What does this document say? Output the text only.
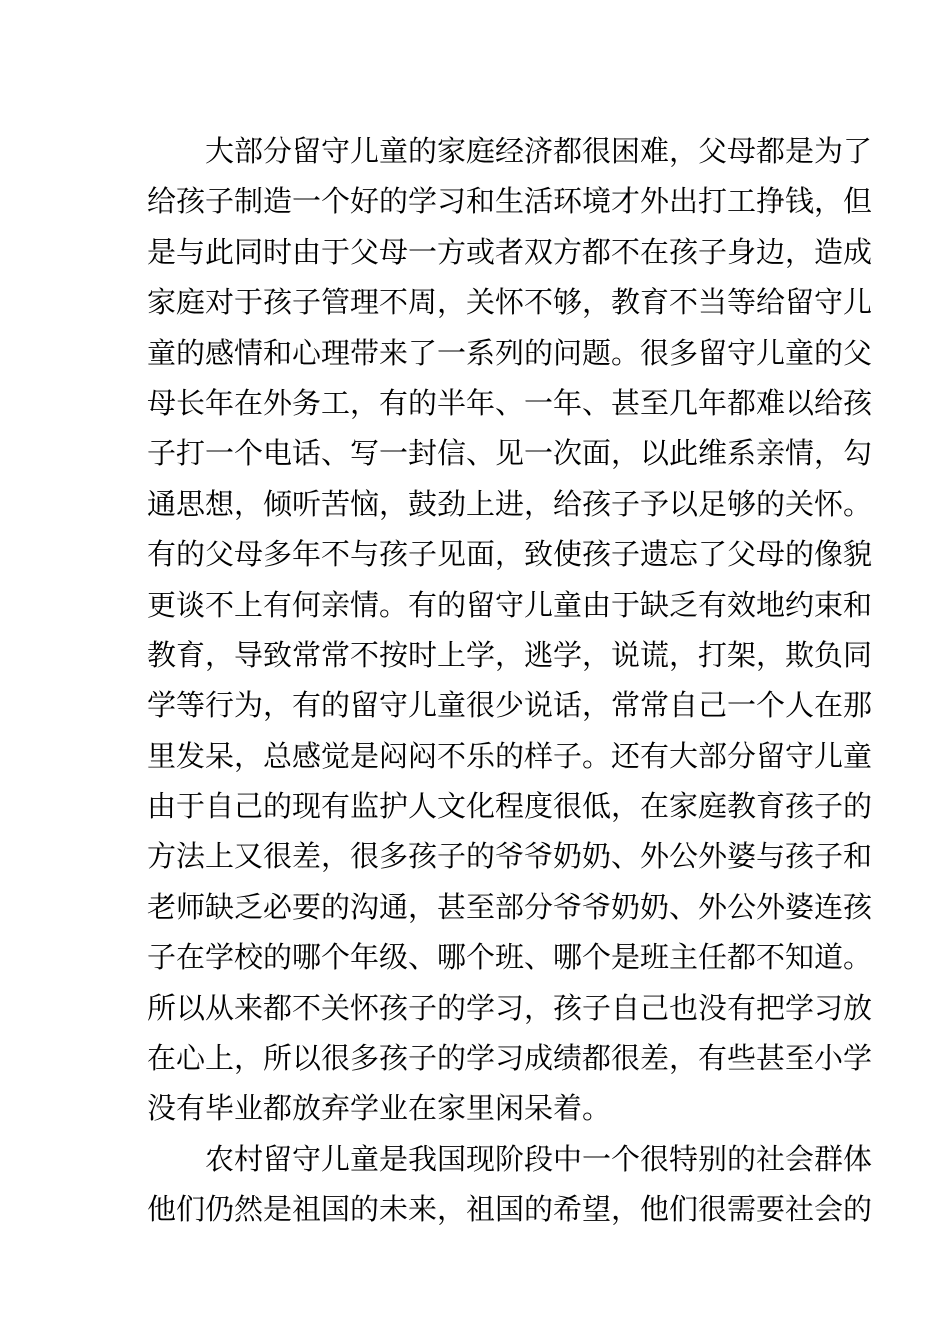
大部分留守儿童的家庭经济都很困难，父母都是为了
给孩子制造一个好的学习和生活环境才外出打工挣钱，但
是与此同时由于父母一方或者双方都不在孩子身边，造成
家庭对于孩子管理不周，关怀不够，教育不当等给留守儿
童的感情和心理带来了一系列的问题。很多留守儿童的父
母长年在外务工，有的半年、一年、甚至几年都难以给孩
子打一个电话、写一封信、见一次面，以此维系亲情，勾
通思想，倾听苦恼，鼓劲上进，给孩子予以足够的关怀。
有的父母多年不与孩子见面，致使孩子遗忘了父母的像貌
更谈不上有何亲情。有的留守儿童由于缺乏有效地约束和
教育，导致常常不按时上学，逃学，说谎，打架，欺负同
学等行为，有的留守儿童很少说话，常常自己一个人在那
里发呆，总感觉是闷闷不乐的样子。还有大部分留守儿童
由于自己的现有监护人文化程度很低，在家庭教育孩子的
方法上又很差，很多孩子的爷爷奶奶、外公外婆与孩子和
老师缺乏必要的沟通，甚至部分爷爷奶奶、外公外婆连孩
子在学校的哪个年级、哪个班、哪个是班主任都不知道。
所以从来都不关怀孩子的学习，孩子自己也没有把学习放
在心上，所以很多孩子的学习成绩都很差，有些甚至小学
没有毕业都放弃学业在家里闲呆着。
农村留守儿童是我国现阶段中一个很特别的社会群体
他们仍然是祖国的未来，祖国的希望，他们很需要社会的
